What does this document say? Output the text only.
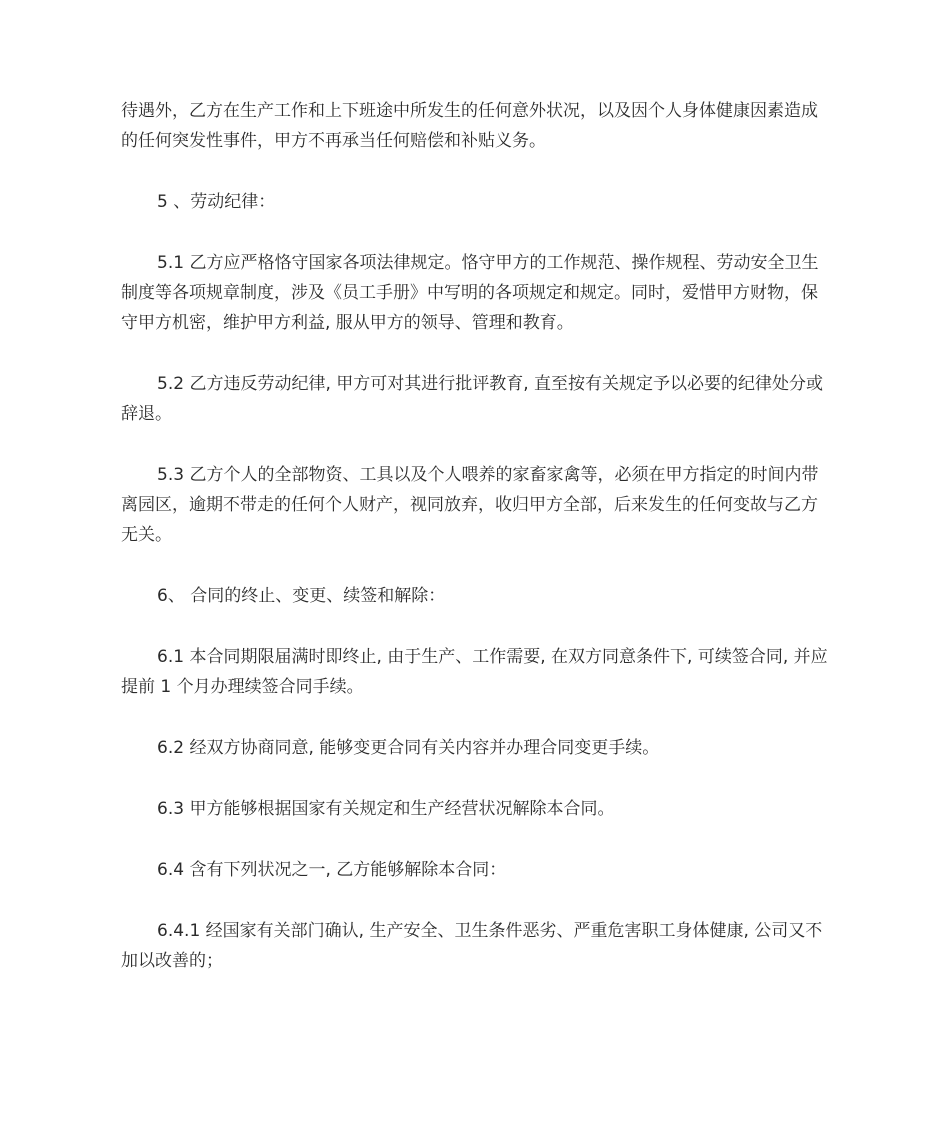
待遇外，乙方在生产工作和上下班途中所发生的任何意外状况，以及因个人身体健康因素造成的任何突发性事件，甲方不再承当任何赔偿和补贴义务。

5 、劳动纪律：

5.1 乙方应严格恪守国家各项法律规定。恪守甲方的工作规范、操作规程、劳动安全卫生制度等各项规章制度，涉及《员工手册》中写明的各项规定和规定。同时，爱惜甲方财物，保守甲方机密，维护甲方利益, 服从甲方的领导、管理和教育。

5.2 乙方违反劳动纪律, 甲方可对其进行批评教育, 直至按有关规定予以必要的纪律处分或辞退。

5.3 乙方个人的全部物资、工具以及个人喂养的家畜家禽等，必须在甲方指定的时间内带离园区，逾期不带走的任何个人财产，视同放弃，收归甲方全部，后来发生的任何变故与乙方无关。

6、 合同的终止、变更、续签和解除：

6.1 本合同期限届满时即终止, 由于生产、工作需要, 在双方同意条件下, 可续签合同, 并应提前 1 个月办理续签合同手续。

6.2 经双方协商同意, 能够变更合同有关内容并办理合同变更手续。

6.3 甲方能够根据国家有关规定和生产经营状况解除本合同。

6.4 含有下列状况之一, 乙方能够解除本合同：

6.4.1 经国家有关部门确认, 生产安全、卫生条件恶劣、严重危害职工身体健康, 公司又不加以改善的；
